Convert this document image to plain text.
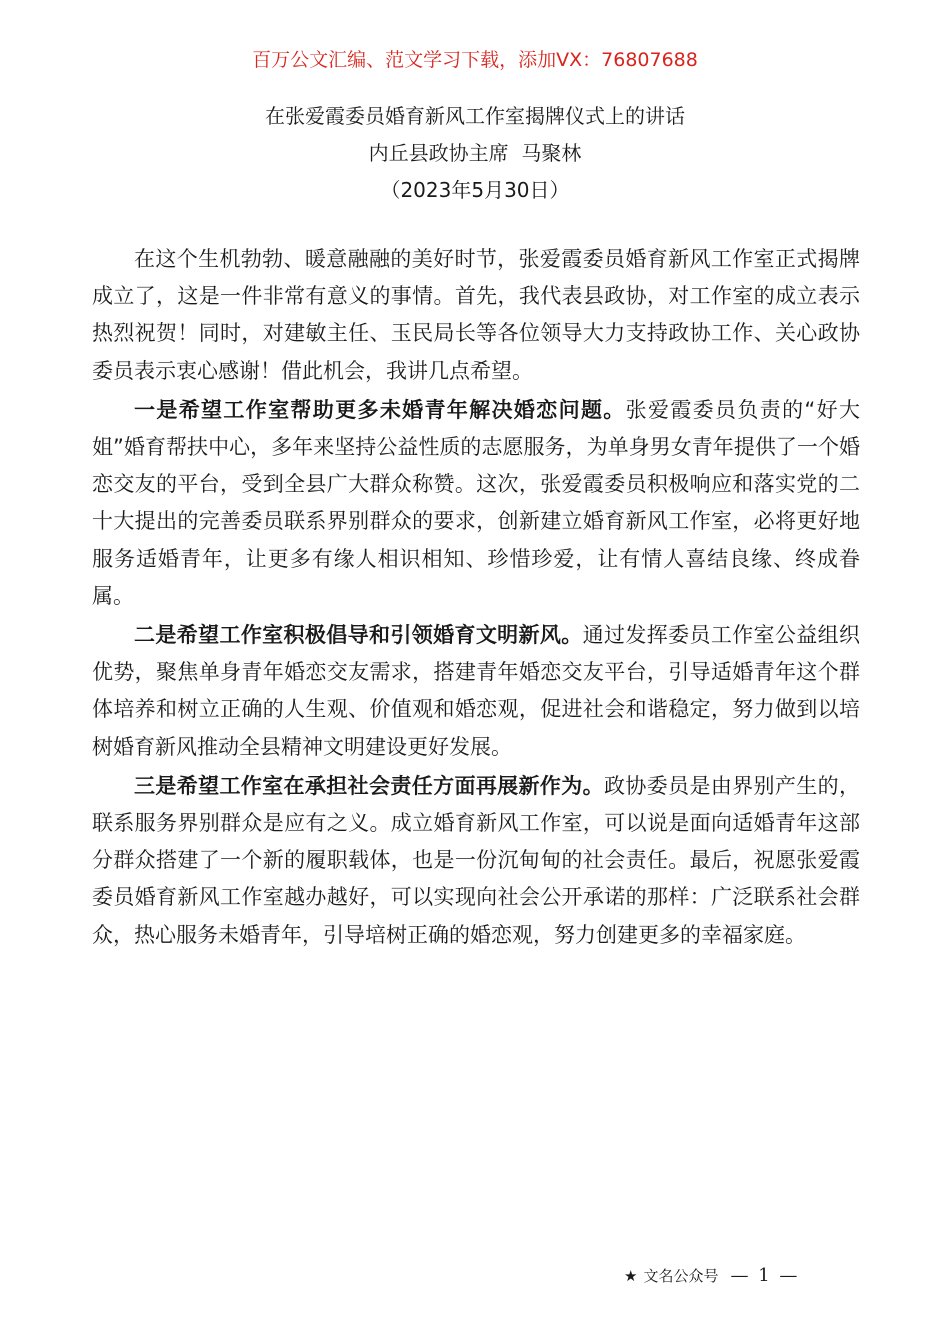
百万公文汇编、范文学习下载，添加VX：76807688
在张爱霞委员婚育新风工作室揭牌仪式上的讲话
内丘县政协主席  马聚林
（2023年5月30日）

在这个生机勃勃、暖意融融的美好时节，张爱霞委员婚育新风工作室正式揭牌成立了，这是一件非常有意义的事情。首先，我代表县政协，对工作室的成立表示热烈祝贺！同时，对建敏主任、玉民局长等各位领导大力支持政协工作、关心政协委员表示衷心感谢！借此机会，我讲几点希望。

一是希望工作室帮助更多未婚青年解决婚恋问题。张爱霞委员负责的“好大姐”婚育帮扶中心，多年来坚持公益性质的志愿服务，为单身男女青年提供了一个婚恋交友的平台，受到全县广大群众称赞。这次，张爱霞委员积极响应和落实党的二十大提出的完善委员联系界别群众的要求，创新建立婚育新风工作室，必将更好地服务适婚青年，让更多有缘人相识相知、珍惜珍爱，让有情人喜结良缘、终成眷属。

二是希望工作室积极倡导和引领婚育文明新风。通过发挥委员工作室公益组织优势，聚焦单身青年婚恋交友需求，搭建青年婚恋交友平台，引导适婚青年这个群体培养和树立正确的人生观、价值观和婚恋观，促进社会和谐稳定，努力做到以培树婚育新风推动全县精神文明建设更好发展。

三是希望工作室在承担社会责任方面再展新作为。政协委员是由界别产生的，联系服务界别群众是应有之义。成立婚育新风工作室，可以说是面向适婚青年这部分群众搭建了一个新的履职载体，也是一份沉甸甸的社会责任。最后，祝愿张爱霞委员婚育新风工作室越办越好，可以实现向社会公开承诺的那样：广泛联系社会群众，热心服务未婚青年，引导培树正确的婚恋观，努力创建更多的幸福家庭。

★ 文名公众号 — 1 —
